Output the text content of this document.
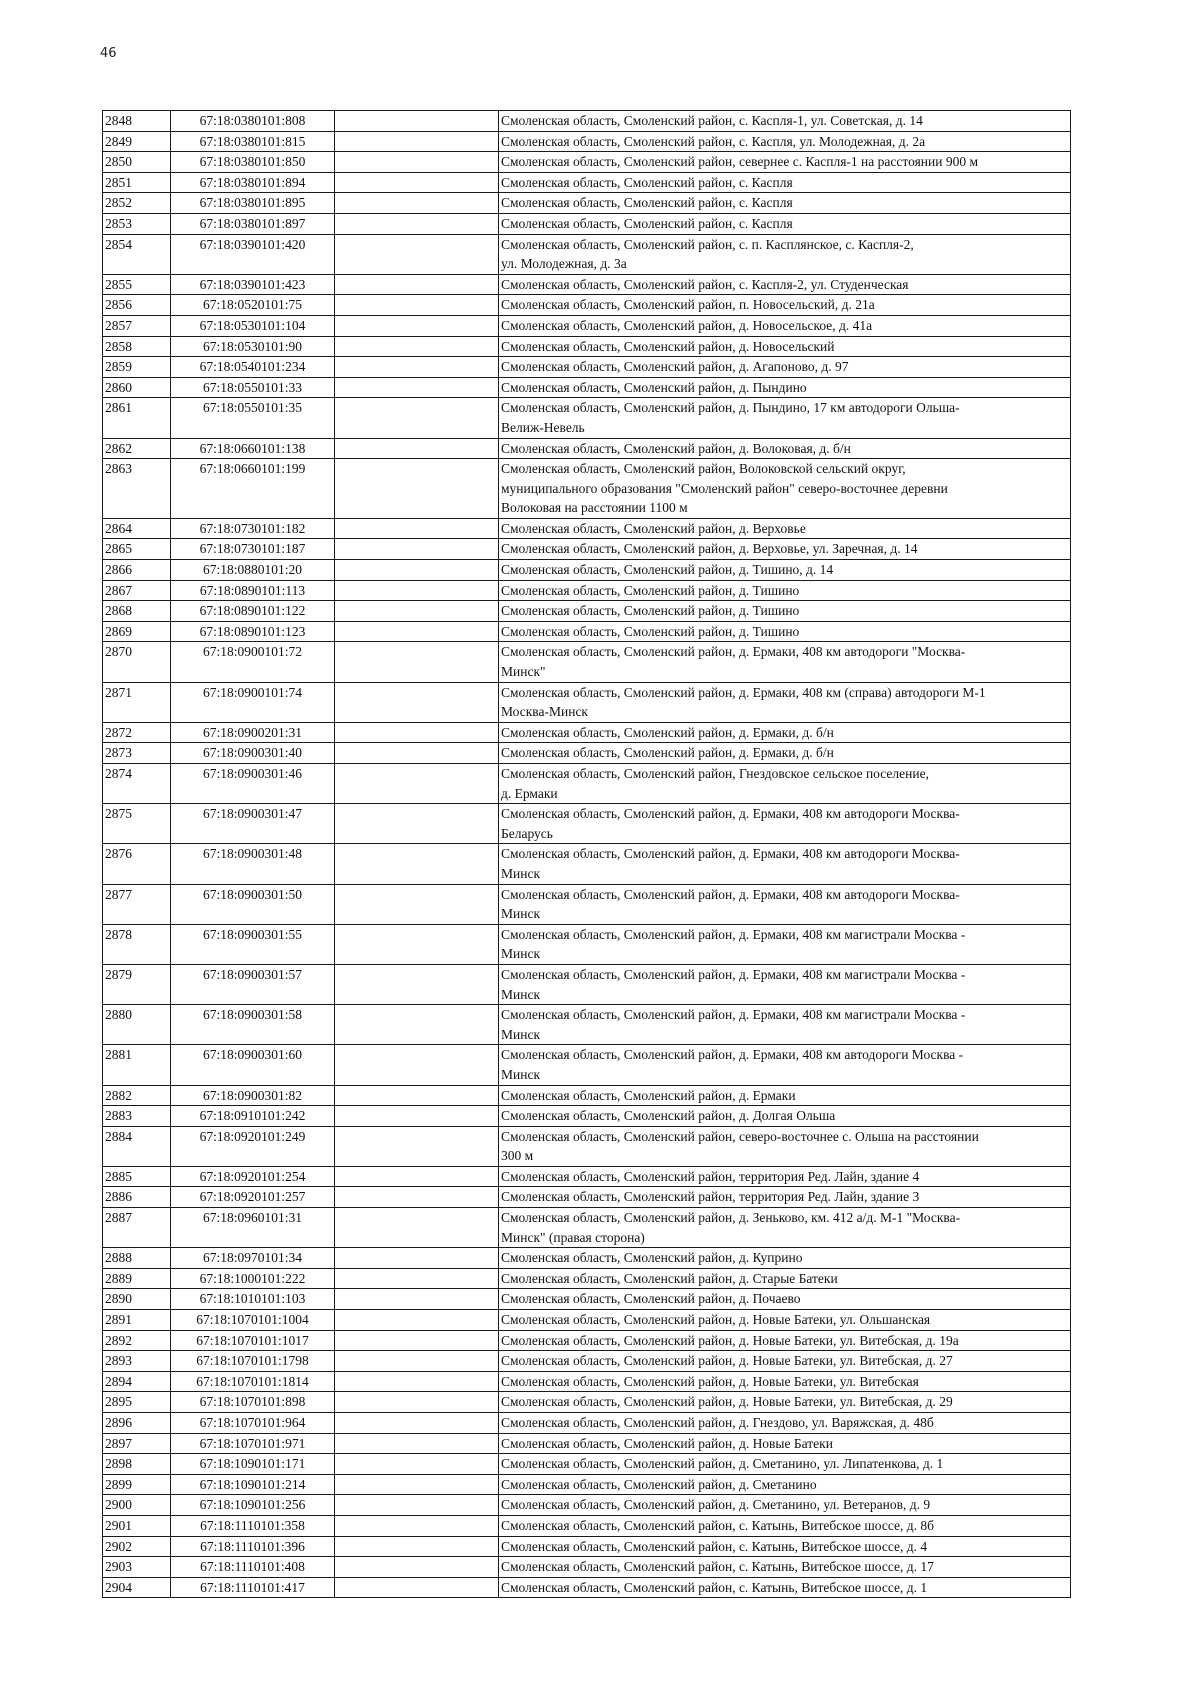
46
2848	67:18:0380101:808		Смоленская область, Смоленский район, с. Каспля-1, ул. Советская, д. 14
2849	67:18:0380101:815		Смоленская область, Смоленский район, с. Каспля, ул. Молодежная, д. 2а
2850	67:18:0380101:850		Смоленская область, Смоленский район, севернее с. Каспля-1 на расстоянии 900 м
2851	67:18:0380101:894		Смоленская область, Смоленский район, с. Каспля
2852	67:18:0380101:895		Смоленская область, Смоленский район, с. Каспля
2853	67:18:0380101:897		Смоленская область, Смоленский район, с. Каспля
2854	67:18:0390101:420		Смоленская область, Смоленский район, с. п. Касплянское, с. Каспля-2,
ул. Молодежная, д. 3а
2855	67:18:0390101:423		Смоленская область, Смоленский район, с. Каспля-2, ул. Студенческая
2856	67:18:0520101:75		Смоленская область, Смоленский район, п. Новосельский, д. 21а
2857	67:18:0530101:104		Смоленская область, Смоленский район, д. Новосельское, д. 41а
2858	67:18:0530101:90		Смоленская область, Смоленский район, д. Новосельский
2859	67:18:0540101:234		Смоленская область, Смоленский район, д. Агапоново, д. 97
2860	67:18:0550101:33		Смоленская область, Смоленский район, д. Пындино
2861	67:18:0550101:35		Смоленская область, Смоленский район, д. Пындино, 17 км автодороги Ольша-
Велиж-Невель
2862	67:18:0660101:138		Смоленская область, Смоленский район, д. Волоковая, д. б/н
2863	67:18:0660101:199		Смоленская область, Смоленский район, Волоковской сельский округ,
муниципального образования "Смоленский район" северо-восточнее деревни
Волоковая на расстоянии 1100 м
2864	67:18:0730101:182		Смоленская область, Смоленский район, д. Верховье
2865	67:18:0730101:187		Смоленская область, Смоленский район, д. Верховье, ул. Заречная, д. 14
2866	67:18:0880101:20		Смоленская область, Смоленский район, д. Тишино, д. 14
2867	67:18:0890101:113		Смоленская область, Смоленский район, д. Тишино
2868	67:18:0890101:122		Смоленская область, Смоленский район, д. Тишино
2869	67:18:0890101:123		Смоленская область, Смоленский район, д. Тишино
2870	67:18:0900101:72		Смоленская область, Смоленский район, д. Ермаки, 408 км автодороги "Москва-
Минск"
2871	67:18:0900101:74		Смоленская область, Смоленский район, д. Ермаки, 408 км (справа) автодороги М-1
Москва-Минск
2872	67:18:0900201:31		Смоленская область, Смоленский район, д. Ермаки, д. б/н
2873	67:18:0900301:40		Смоленская область, Смоленский район, д. Ермаки, д. б/н
2874	67:18:0900301:46		Смоленская область, Смоленский район, Гнездовское сельское поселение,
д. Ермаки
2875	67:18:0900301:47		Смоленская область, Смоленский район, д. Ермаки, 408 км автодороги Москва-
Беларусь
2876	67:18:0900301:48		Смоленская область, Смоленский район, д. Ермаки, 408 км автодороги Москва-
Минск
2877	67:18:0900301:50		Смоленская область, Смоленский район, д. Ермаки, 408 км автодороги Москва-
Минск
2878	67:18:0900301:55		Смоленская область, Смоленский район, д. Ермаки, 408 км магистрали Москва -
Минск
2879	67:18:0900301:57		Смоленская область, Смоленский район, д. Ермаки, 408 км магистрали Москва -
Минск
2880	67:18:0900301:58		Смоленская область, Смоленский район, д. Ермаки, 408 км магистрали Москва -
Минск
2881	67:18:0900301:60		Смоленская область, Смоленский район, д. Ермаки, 408 км автодороги Москва -
Минск
2882	67:18:0900301:82		Смоленская область, Смоленский район, д. Ермаки
2883	67:18:0910101:242		Смоленская область, Смоленский район, д. Долгая Ольша
2884	67:18:0920101:249		Смоленская область, Смоленский район, северо-восточнее с. Ольша на расстоянии
300 м
2885	67:18:0920101:254		Смоленская область, Смоленский район, территория Ред. Лайн, здание 4
2886	67:18:0920101:257		Смоленская область, Смоленский район, территория Ред. Лайн, здание 3
2887	67:18:0960101:31		Смоленская область, Смоленский район, д. Зеньково, км. 412 а/д. М-1 "Москва-
Минск" (правая сторона)
2888	67:18:0970101:34		Смоленская область, Смоленский район, д. Куприно
2889	67:18:1000101:222		Смоленская область, Смоленский район, д. Старые Батеки
2890	67:18:1010101:103		Смоленская область, Смоленский район, д. Почаево
2891	67:18:1070101:1004		Смоленская область, Смоленский район, д. Новые Батеки, ул. Ольшанская
2892	67:18:1070101:1017		Смоленская область, Смоленский район, д. Новые Батеки, ул. Витебская, д. 19а
2893	67:18:1070101:1798		Смоленская область, Смоленский район, д. Новые Батеки, ул. Витебская, д. 27
2894	67:18:1070101:1814		Смоленская область, Смоленский район, д. Новые Батеки, ул. Витебская
2895	67:18:1070101:898		Смоленская область, Смоленский район, д. Новые Батеки, ул. Витебская, д. 29
2896	67:18:1070101:964		Смоленская область, Смоленский район, д. Гнездово, ул. Варяжская, д. 48б
2897	67:18:1070101:971		Смоленская область, Смоленский район, д. Новые Батеки
2898	67:18:1090101:171		Смоленская область, Смоленский район, д. Сметанино, ул. Липатенкова, д. 1
2899	67:18:1090101:214		Смоленская область, Смоленский район, д. Сметанино
2900	67:18:1090101:256		Смоленская область, Смоленский район, д. Сметанино, ул. Ветеранов, д. 9
2901	67:18:1110101:358		Смоленская область, Смоленский район, с. Катынь, Витебское шоссе, д. 8б
2902	67:18:1110101:396		Смоленская область, Смоленский район, с. Катынь, Витебское шоссе, д. 4
2903	67:18:1110101:408		Смоленская область, Смоленский район, с. Катынь, Витебское шоссе, д. 17
2904	67:18:1110101:417		Смоленская область, Смоленский район, с. Катынь, Витебское шоссе, д. 1
